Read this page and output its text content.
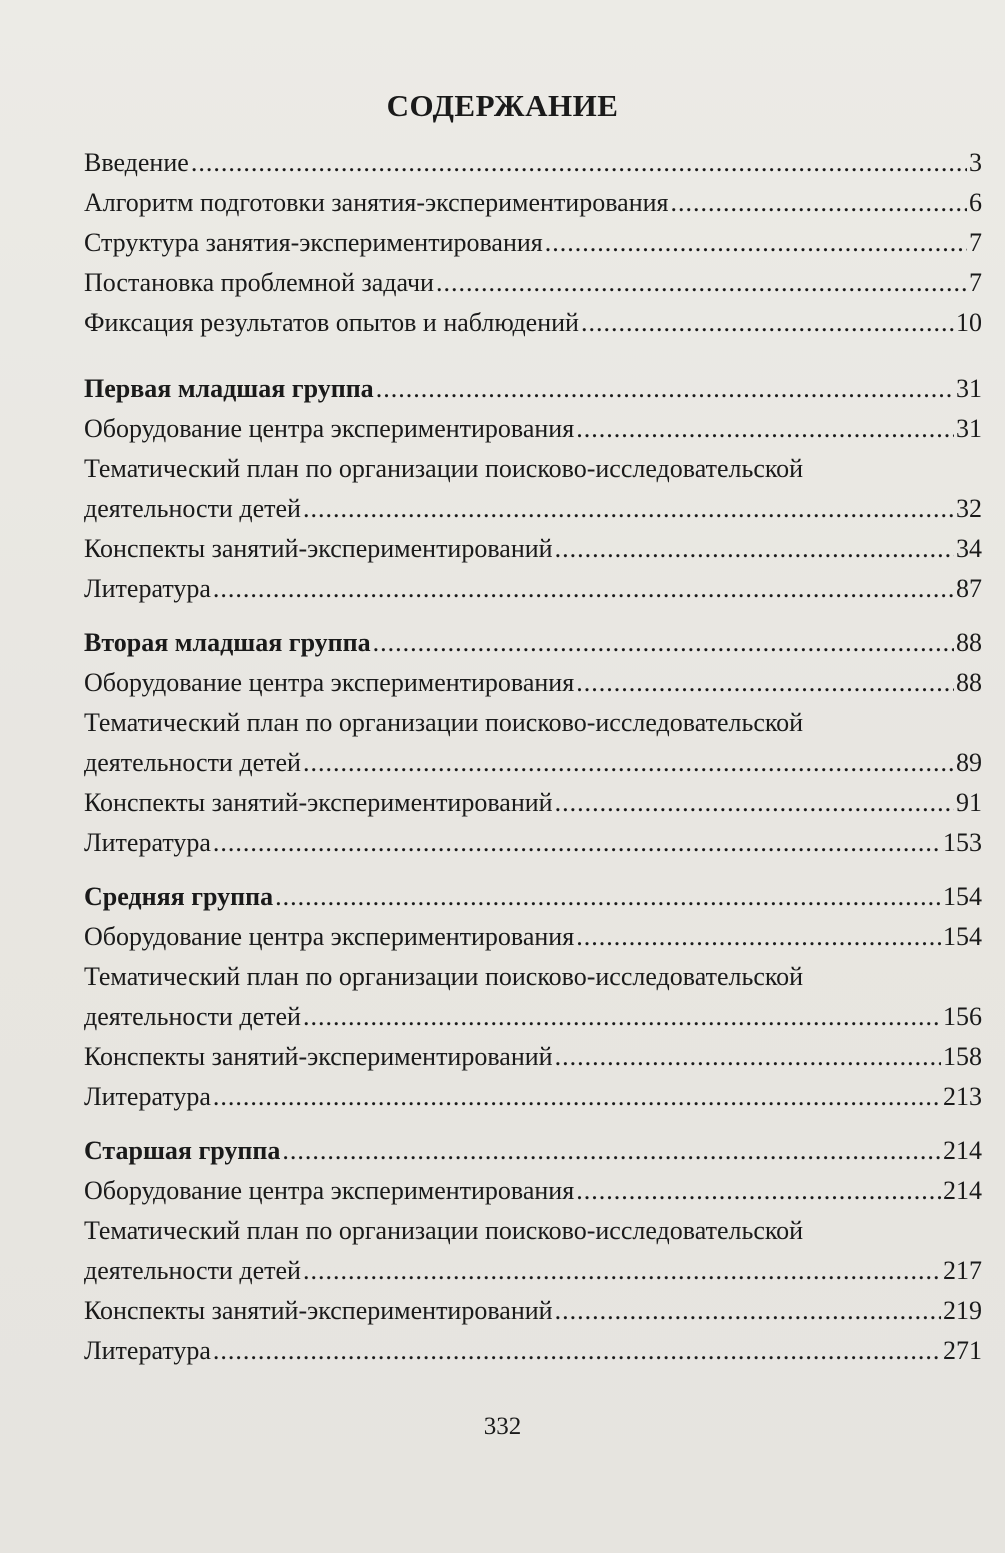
СОДЕРЖАНИЕ
Введение .....	3
Алгоритм подготовки занятия-экспериментирования .....	6
Структура занятия-экспериментирования .....	7
Постановка проблемной задачи .....	7
Фиксация результатов опытов и наблюдений .....	10
Первая младшая группа .....	31
Оборудование центра экспериментирования .....	31
Тематический план по организации поисково-исследовательской
деятельности детей .....	32
Конспекты занятий-экспериментирований .....	34
Литература .....	87
Вторая младшая группа .....	88
Оборудование центра экспериментирования .....	88
Тематический план по организации поисково-исследовательской
деятельности детей .....	89
Конспекты занятий-экспериментирований .....	91
Литература .....	153
Средняя группа .....	154
Оборудование центра экспериментирования .....	154
Тематический план по организации поисково-исследовательской
деятельности детей .....	156
Конспекты занятий-экспериментирований .....	158
Литература .....	213
Старшая группа .....	214
Оборудование центра экспериментирования .....	214
Тематический план по организации поисково-исследовательской
деятельности детей .....	217
Конспекты занятий-экспериментирований .....	219
Литература .....	271
332
